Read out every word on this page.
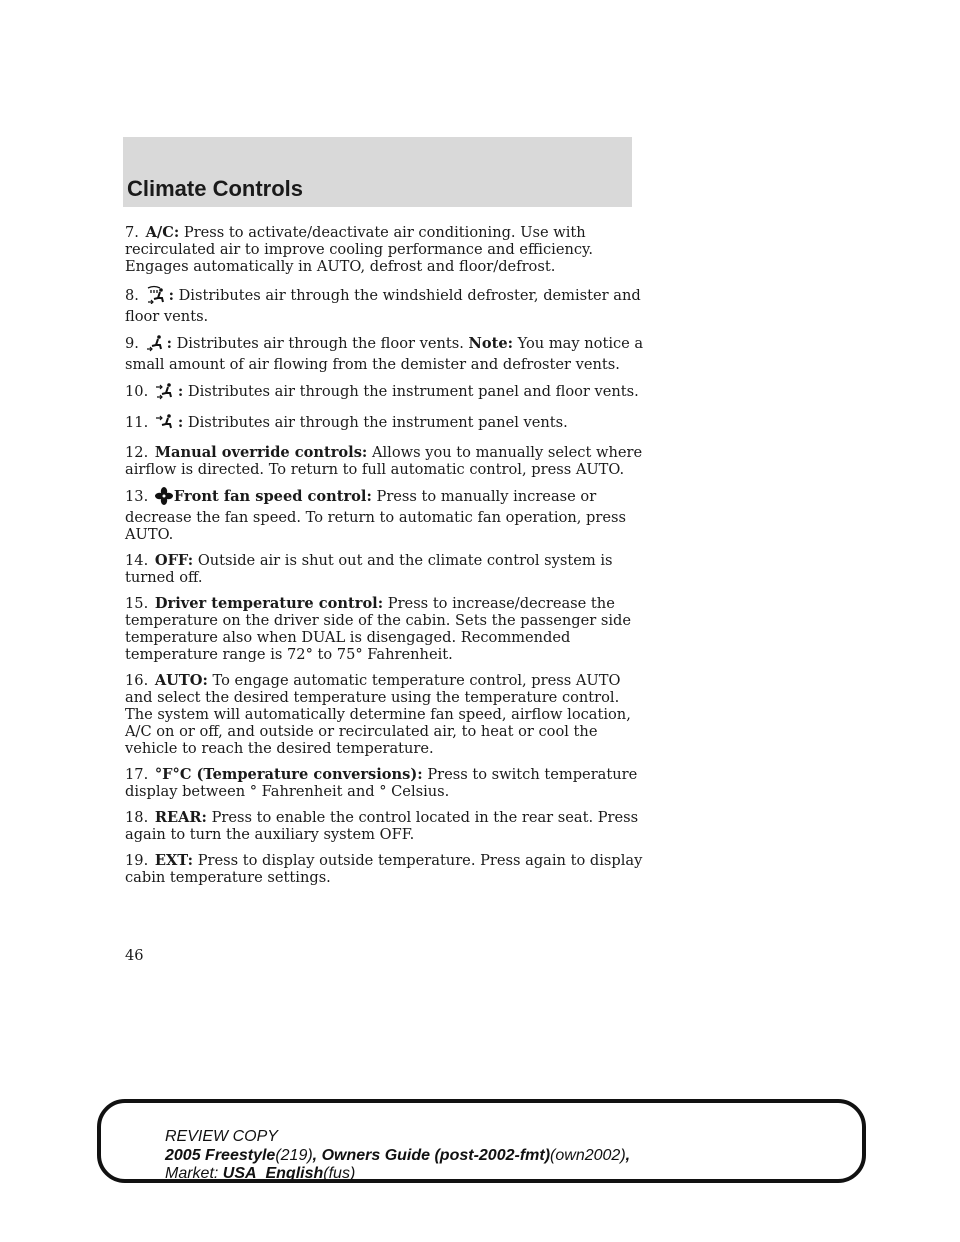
Climate Controls

7. A/C: Press to activate/deactivate air conditioning. Use with recirculated air to improve cooling performance and efficiency. Engages automatically in AUTO, defrost and floor/defrost.

8. : Distributes air through the windshield defroster, demister and floor vents.

9. : Distributes air through the floor vents. Note: You may notice a small amount of air flowing from the demister and defroster vents.

10. : Distributes air through the instrument panel and floor vents.

11. : Distributes air through the instrument panel vents.

12. Manual override controls: Allows you to manually select where airflow is directed. To return to full automatic control, press AUTO.

13. Front fan speed control: Press to manually increase or decrease the fan speed. To return to automatic fan operation, press AUTO.

14. OFF: Outside air is shut out and the climate control system is turned off.

15. Driver temperature control: Press to increase/decrease the temperature on the driver side of the cabin. Sets the passenger side temperature also when DUAL is disengaged. Recommended temperature range is 72° to 75° Fahrenheit.

16. AUTO: To engage automatic temperature control, press AUTO and select the desired temperature using the temperature control. The system will automatically determine fan speed, airflow location, A/C on or off, and outside or recirculated air, to heat or cool the vehicle to reach the desired temperature.

17. °F°C (Temperature conversions): Press to switch temperature display between ° Fahrenheit and ° Celsius.

18. REAR: Press to enable the control located in the rear seat. Press again to turn the auxiliary system OFF.

19. EXT: Press to display outside temperature. Press again to display cabin temperature settings.

46
REVIEW COPY
2005 Freestyle(219), Owners Guide (post-2002-fmt)(own2002),
Market: USA_English(fus)
